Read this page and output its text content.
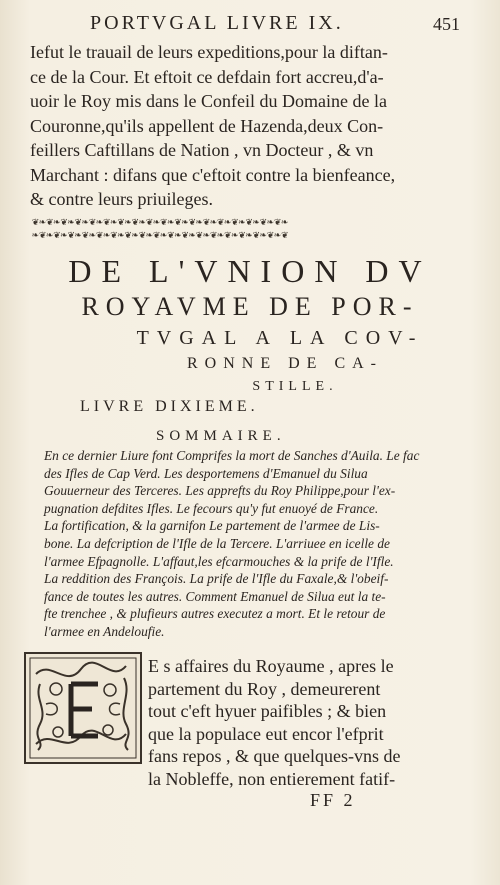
PORTVGAL LIVRE IX.	451
Iefut le trauail de leurs expeditions,pour la diftan-
ce de la Cour. Et eftoit ce defdain fort accreu,d'a-
uoir le Roy mis dans le Confeil du Domaine de la
Couronne,qu'ils appellent de Hazenda,deux Con-
feillers Caftillans de Nation , vn Docteur , & vn
Marchant : difans que c'eftoit contre la bienfeance,
& contre leurs priuileges.
❦❧❦❧❦❧❦❧❦❧❦❧❦❧❦❧❦❧❦❧❦❧❦❧❦❧❦❧❦❧❦❧❦❧❦❧
❧❦❧❦❧❦❧❦❧❦❧❦❧❦❧❦❧❦❧❦❧❦❧❦❧❦❧❦❧❦❧❦❧❦❧❦
DE L'VNION DV
ROYAVME DE POR-
TVGAL A LA COV-
RONNE DE CA-
STILLE.
LIVRE DIXIEME.
SOMMAIRE.
En ce dernier Liure font Comprifes la mort de Sanches d'Auila. Le fac
des Ifles de Cap Verd. Les desportemens d'Emanuel du Silua
Gouuerneur des Terceres. Les apprefts du Roy Philippe,pour l'ex-
pugnation defdites Ifles. Le fecours qu'y fut enuoyé de France.
La fortification, & la garnifon Le partement de l'armee de Lis-
bone. La defcription de l'Ifle de la Tercere. L'arriuee en icelle de
l'armee Efpagnolle. L'affaut,les efcarmouches & la prife de l'Ifle.
La reddition des François. La prife de l'Ifle du Faxale,& l'obeif-
fance de toutes les autres. Comment Emanuel de Silua eut la te-
fte trenchee , & plufieurs autres executez a mort. Et le retour de
l'armee en Andeloufie.
E s affaires du Royaume , apres le
partement du Roy , demeurerent
tout c'eft hyuer paifibles ; & bien
que la populace eut encor l'efprit
fans repos , & que quelques-vns de
la Nobleffe, non entierement fatif-
FF 2
